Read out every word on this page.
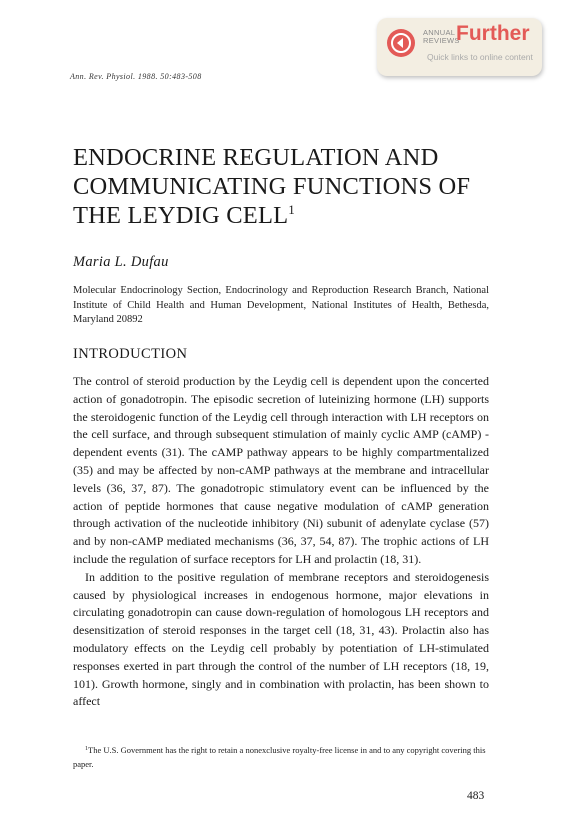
ANNUAL
REVIEWS
Further
Quick links to online content
Ann. Rev. Physiol. 1988. 50:483-508
ENDOCRINE REGULATION AND
COMMUNICATING FUNCTIONS OF
THE LEYDIG CELL$^1$
Maria L. Dufau
Molecular Endocrinology Section, Endocrinology and Reproduction Research Branch, National Institute of Child Health and Human Development, National Institutes of Health, Bethesda, Maryland 20892
INTRODUCTION

The control of steroid production by the Leydig cell is dependent upon the concerted action of gonadotropin. The episodic secretion of luteinizing hormone (LH) supports the steroidogenic function of the Leydig cell through interaction with LH receptors on the cell surface, and through subsequent stimulation of mainly cyclic AMP (cAMP) -dependent events (31). The cAMP pathway appears to be highly compartmentalized (35) and may be affected by non-cAMP pathways at the membrane and intracellular levels (36, 37, 87). The gonadotropic stimulatory event can be influenced by the action of peptide hormones that cause negative modulation of cAMP generation through activation of the nucleotide inhibitory (Ni) subunit of adenylate cyclase (57) and by non-cAMP mediated mechanisms (36, 37, 54, 87). The trophic actions of LH include the regulation of surface receptors for LH and prolactin (18, 31).

In addition to the positive regulation of membrane receptors and steroidogenesis caused by physiological increases in endogenous hormone, major elevations in circulating gonadotropin can cause down-regulation of homologous LH receptors and desensitization of steroid responses in the target cell (18, 31, 43). Prolactin also has modulatory effects on the Leydig cell probably by potentiation of LH-stimulated responses exerted in part through the control of the number of LH receptors (18, 19, 101). Growth hormone, singly and in combination with prolactin, has been shown to affect

$^1$The U.S. Government has the right to retain a nonexclusive royalty-free license in and to any copyright covering this paper.

483
